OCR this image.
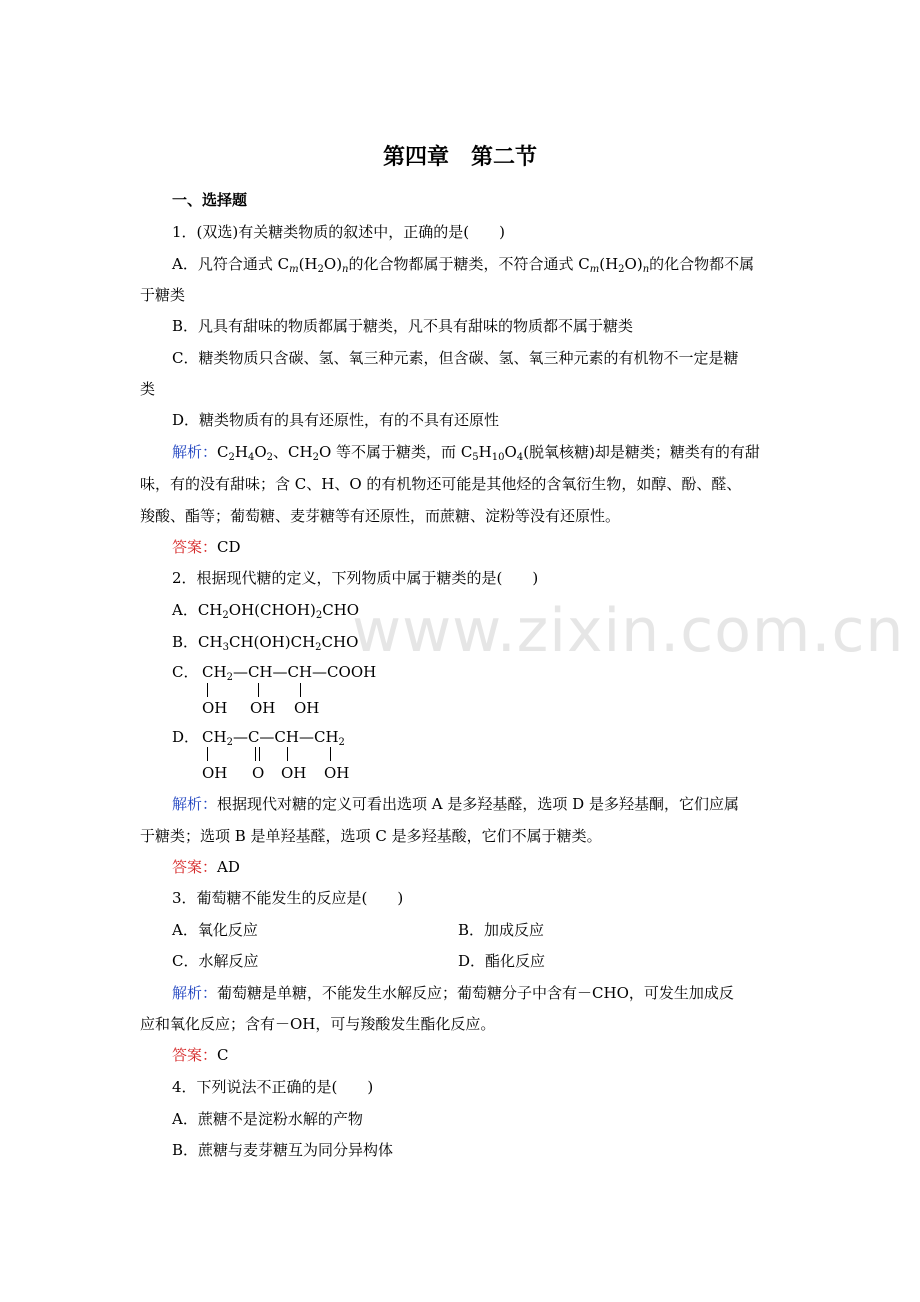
www.zixin.com.cn
第四章　第二节
一、选择题
1．(双选)有关糖类物质的叙述中，正确的是(　　)
A．凡符合通式 $C_m(H_2O)_n$的化合物都属于糖类，不符合通式 $C_m(H_2O)_n$的化合物都不属
于糖类
B．凡具有甜味的物质都属于糖类，凡不具有甜味的物质都不属于糖类
C．糖类物质只含碳、氢、氧三种元素，但含碳、氢、氧三种元素的有机物不一定是糖
类
D．糖类物质有的具有还原性，有的不具有还原性
解析：$C_2H_4O_2$、$CH_2O$ 等不属于糖类，而 $C_5H_{10}O_4$(脱氧核糖)却是糖类；糖类有的有甜
味，有的没有甜味；含 C、H、O 的有机物还可能是其他烃的含氧衍生物，如醇、酚、醛、
羧酸、酯等；葡萄糖、麦芽糖等有还原性，而蔗糖、淀粉等没有还原性。
答案：CD
2．根据现代糖的定义，下列物质中属于糖类的是(　　)
A．$CH_2OH(CHOH)_2CHO$
B．$CH_3CH(OH)CH_2CHO$
C． $CH_2—CH—CH—COOH$
OH OH OH
D． $CH_2—C—CH—CH_2$
OH O OH OH
解析：根据现代对糖的定义可看出选项 A 是多羟基醛，选项 D 是多羟基酮，它们应属
于糖类；选项 B 是单羟基醛，选项 C 是多羟基酸，它们不属于糖类。
答案：AD
3．葡萄糖不能发生的反应是(　　)
A．氧化反应	B．加成反应
C．水解反应	D．酯化反应
解析：葡萄糖是单糖，不能发生水解反应；葡萄糖分子中含有－CHO，可发生加成反
应和氧化反应；含有－OH，可与羧酸发生酯化反应。
答案：C
4．下列说法不正确的是(　　)
A．蔗糖不是淀粉水解的产物
B．蔗糖与麦芽糖互为同分异构体
